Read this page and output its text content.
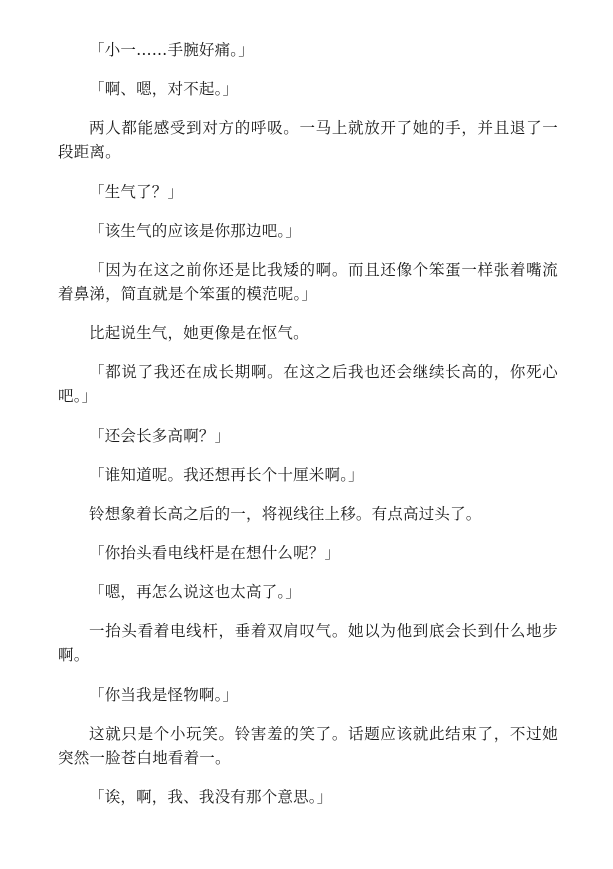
「小一……手腕好痛。」

「啊、嗯，对不起。」

两人都能感受到对方的呼吸。一马上就放开了她的手，并且退了一段距离。

「生气了？」

「该生气的应该是你那边吧。」

「因为在这之前你还是比我矮的啊。而且还像个笨蛋一样张着嘴流着鼻涕，简直就是个笨蛋的模范呢。」

比起说生气，她更像是在怄气。

「都说了我还在成长期啊。在这之后我也还会继续长高的，你死心吧。」

「还会长多高啊？」

「谁知道呢。我还想再长个十厘米啊。」

铃想象着长高之后的一，将视线往上移。有点高过头了。

「你抬头看电线杆是在想什么呢？」

「嗯，再怎么说这也太高了。」

一抬头看着电线杆，垂着双肩叹气。她以为他到底会长到什么地步啊。

「你当我是怪物啊。」

这就只是个小玩笑。铃害羞的笑了。话题应该就此结束了，不过她突然一脸苍白地看着一。

「诶，啊，我、我没有那个意思。」
